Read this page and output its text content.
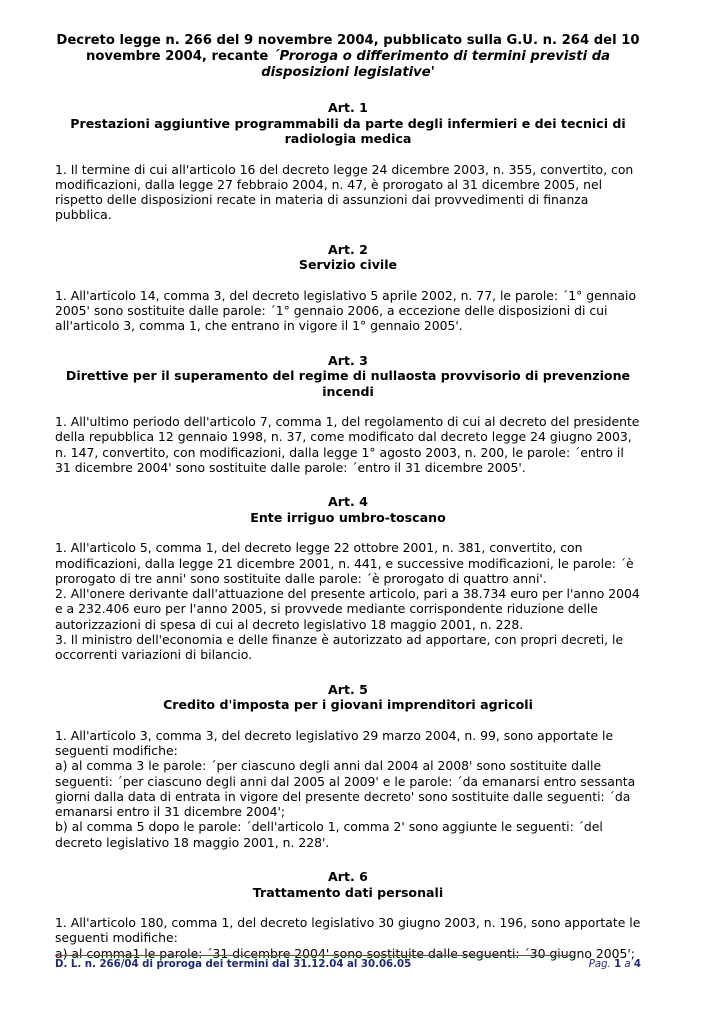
Decreto legge n. 266 del 9 novembre 2004, pubblicato sulla G.U. n. 264 del 10 novembre 2004, recante ´Proroga o differimento di termini previsti da disposizioni legislative'

Art. 1
Prestazioni aggiuntive programmabili da parte degli infermieri e dei tecnici di radiologia medica

1. Il termine di cui all'articolo 16 del decreto legge 24 dicembre 2003, n. 355, convertito, con modificazioni, dalla legge 27 febbraio 2004, n. 47, è prorogato al 31 dicembre 2005, nel rispetto delle disposizioni recate in materia di assunzioni dai provvedimenti di finanza pubblica.

Art. 2
Servizio civile

1. All'articolo 14, comma 3, del decreto legislativo 5 aprile 2002, n. 77, le parole: ´1° gennaio 2005' sono sostituite dalle parole: ´1° gennaio 2006, a eccezione delle disposizioni di cui all'articolo 3, comma 1, che entrano in vigore il 1° gennaio 2005'.

Art. 3
Direttive per il superamento del regime di nullaosta provvisorio di prevenzione incendi

1. All'ultimo periodo dell'articolo 7, comma 1, del regolamento di cui al decreto del presidente della repubblica 12 gennaio 1998, n. 37, come modificato dal decreto legge 24 giugno 2003, n. 147, convertito, con modificazioni, dalla legge 1° agosto 2003, n. 200, le parole: ´entro il 31 dicembre 2004' sono sostituite dalle parole: ´entro il 31 dicembre 2005'.

Art. 4
Ente irriguo umbro-toscano

1. All'articolo 5, comma 1, del decreto legge 22 ottobre 2001, n. 381, convertito, con modificazioni, dalla legge 21 dicembre 2001, n. 441, e successive modificazioni, le parole: ´è prorogato di tre anni' sono sostituite dalle parole: ´è prorogato di quattro anni'.

2. All'onere derivante dall'attuazione del presente articolo, pari a 38.734 euro per l'anno 2004 e a 232.406 euro per l'anno 2005, si provvede mediante corrispondente riduzione delle autorizzazioni di spesa di cui al decreto legislativo 18 maggio 2001, n. 228.

3. Il ministro dell'economia e delle finanze è autorizzato ad apportare, con propri decreti, le occorrenti variazioni di bilancio.

Art. 5
Credito d'imposta per i giovani imprenditori agricoli

1. All'articolo 3, comma 3, del decreto legislativo 29 marzo 2004, n. 99, sono apportate le seguenti modifiche:

a) al comma 3 le parole: ´per ciascuno degli anni dal 2004 al 2008' sono sostituite dalle seguenti: ´per ciascuno degli anni dal 2005 al 2009' e le parole: ´da emanarsi entro sessanta giorni dalla data di entrata in vigore del presente decreto' sono sostituite dalle seguenti: ´da emanarsi entro il 31 dicembre 2004';

b) al comma 5 dopo le parole: ´dell'articolo 1, comma 2' sono aggiunte le seguenti: ´del decreto legislativo 18 maggio 2001, n. 228'.

Art. 6
Trattamento dati personali

1. All'articolo 180, comma 1, del decreto legislativo 30 giugno 2003, n. 196, sono apportate le seguenti modifiche:

a) al comma1 le parole: ´31 dicembre 2004' sono sostituite dalle seguenti: ´30 giugno 2005';

D. L. n. 266/04 di proroga dei termini dal 31.12.04 al 30.06.05	Pag. 1 a 4
